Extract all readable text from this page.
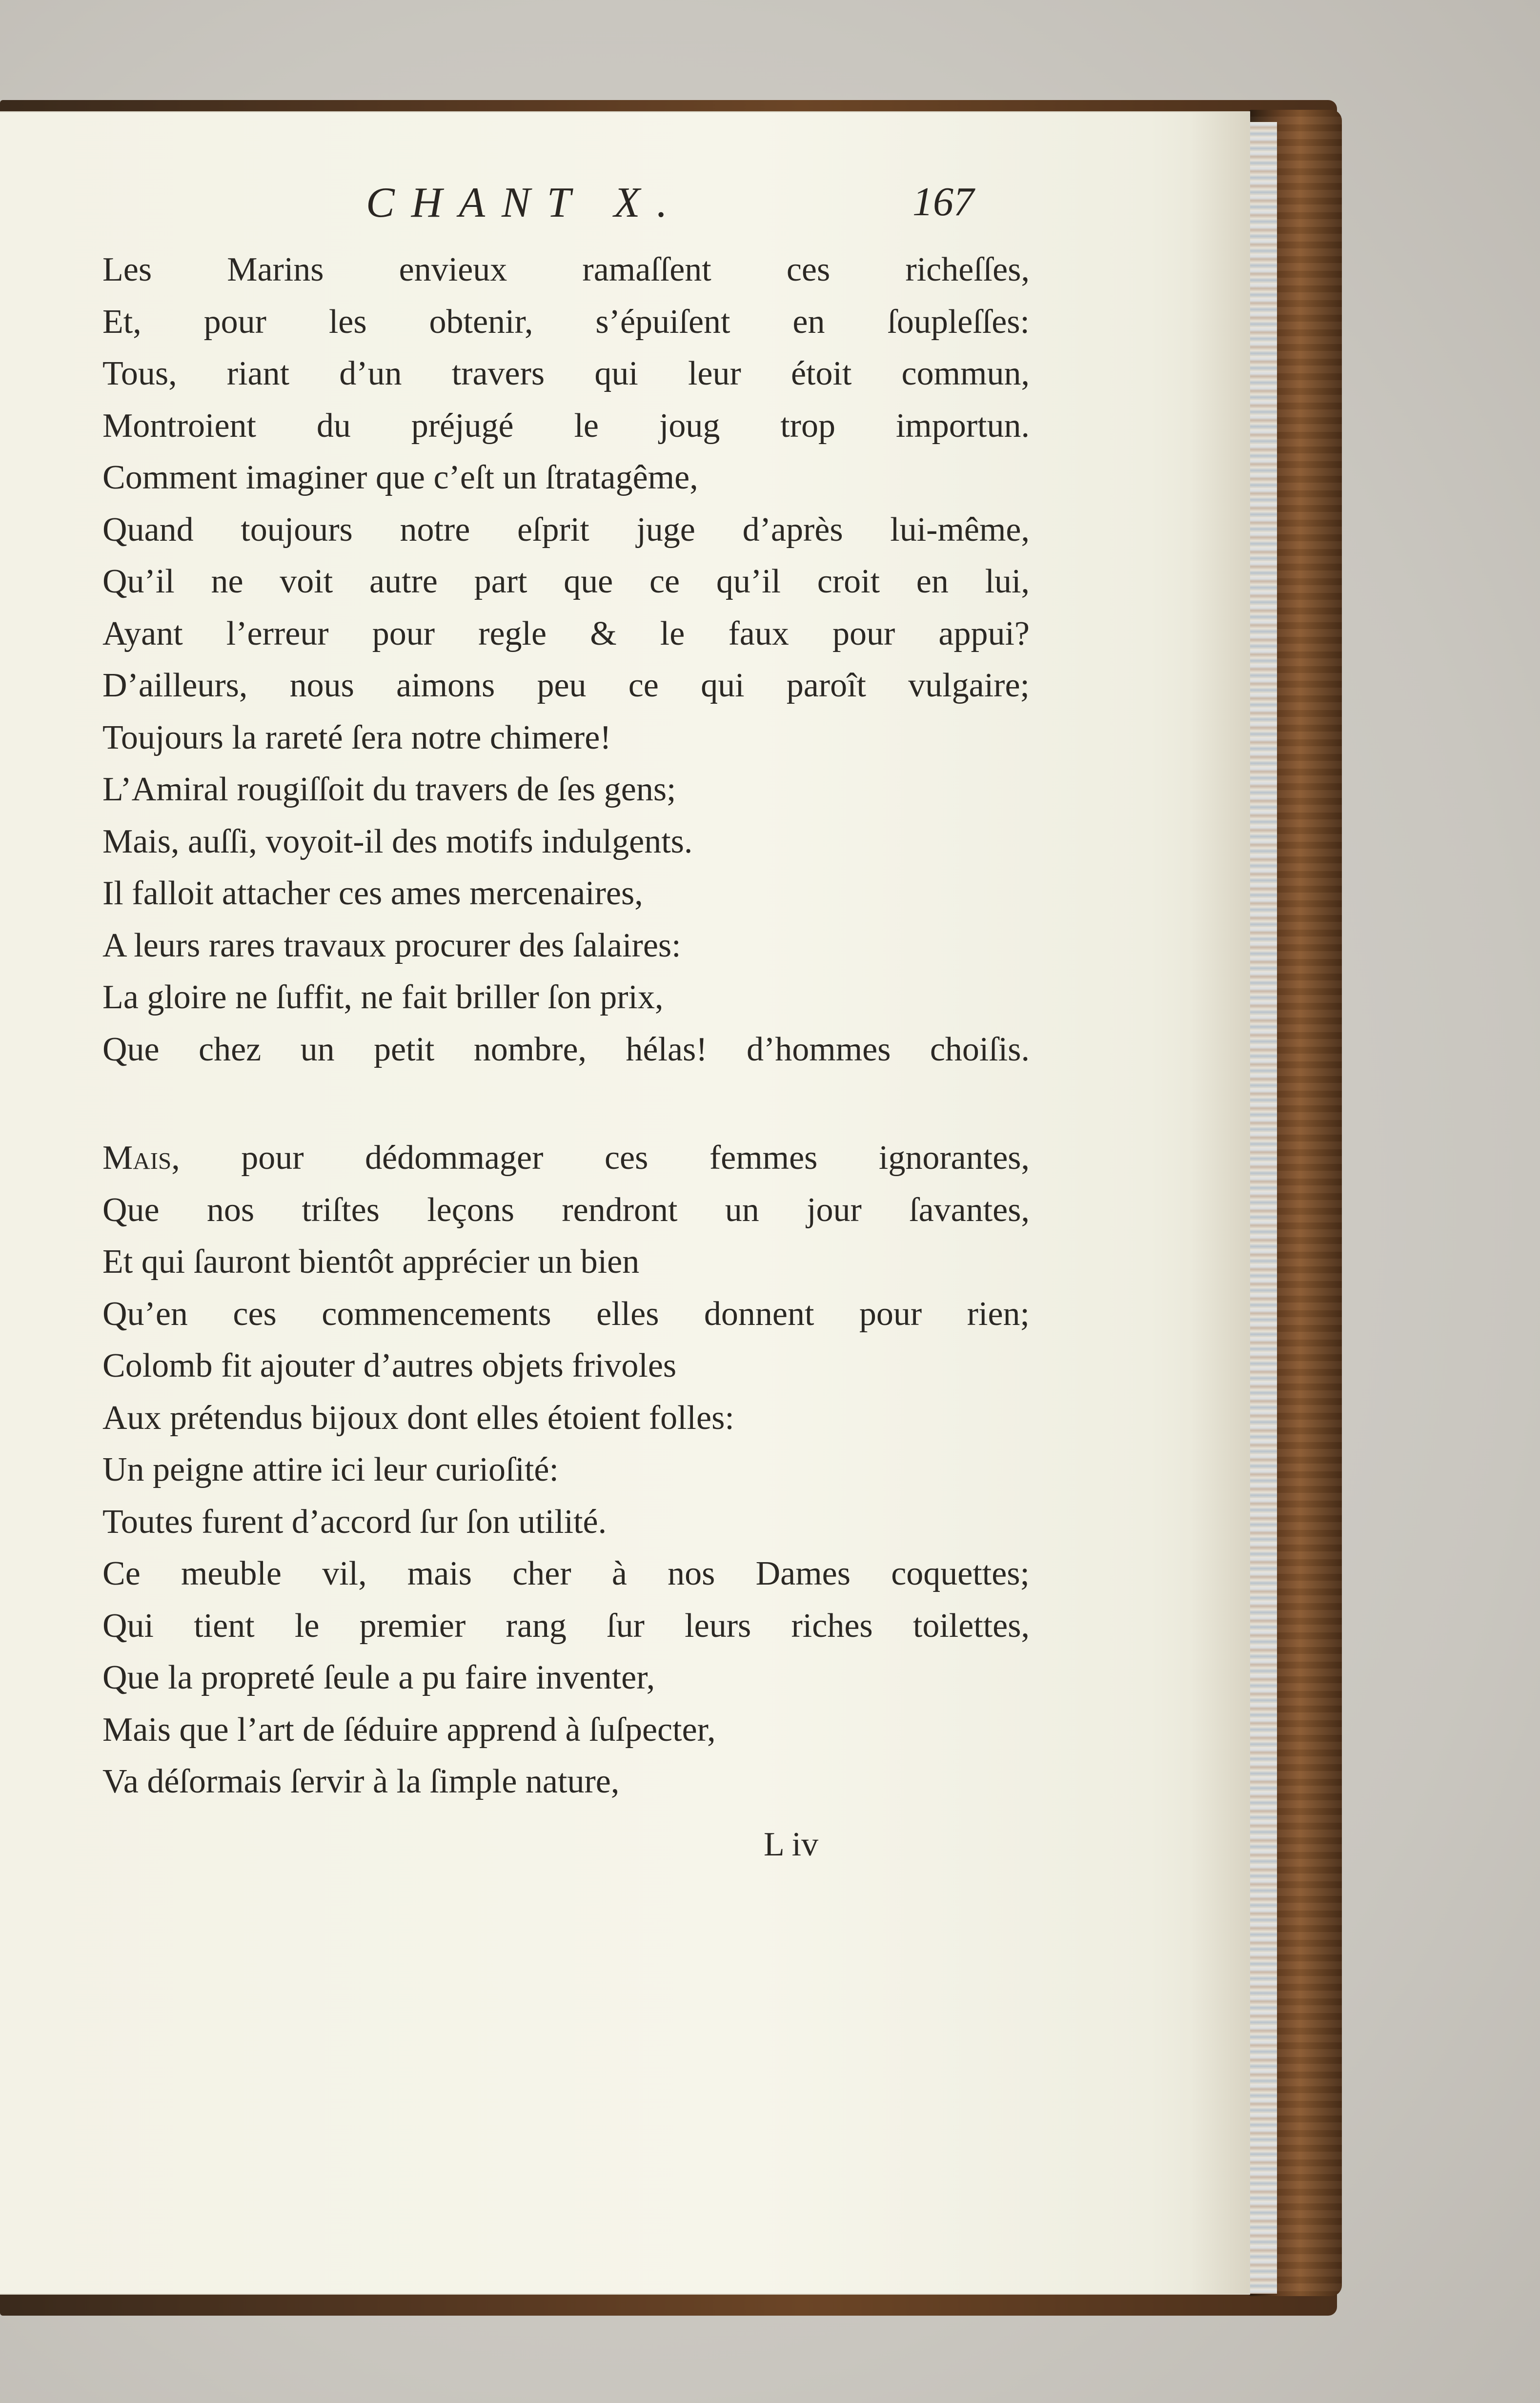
CHANT X.	167
Les Marins envieux ramaſſent ces richeſſes,
Et, pour les obtenir, s’épuiſent en ſoupleſſes:
Tous, riant d’un travers qui leur étoit commun,
Montroient du préjugé le joug trop importun.
Comment imaginer que c’eſt un ſtratagême,
Quand toujours notre eſprit juge d’après lui-même,
Qu’il ne voit autre part que ce qu’il croit en lui,
Ayant l’erreur pour regle & le faux pour appui?
D’ailleurs, nous aimons peu ce qui paroît vulgaire;
Toujours la rareté ſera notre chimere!
L’Amiral rougiſſoit du travers de ſes gens;
Mais, auſſi, voyoit-il des motifs indulgents.
Il falloit attacher ces ames mercenaires,
A leurs rares travaux procurer des ſalaires:
La gloire ne ſuffit, ne fait briller ſon prix,
Que chez un petit nombre, hélas! d’hommes choiſis.
Mais, pour dédommager ces femmes ignorantes,
Que nos triſtes leçons rendront un jour ſavantes,
Et qui ſauront bientôt apprécier un bien
Qu’en ces commencements elles donnent pour rien;
Colomb fit ajouter d’autres objets frivoles
Aux prétendus bijoux dont elles étoient folles:
Un peigne attire ici leur curioſité:
Toutes furent d’accord ſur ſon utilité.
Ce meuble vil, mais cher à nos Dames coquettes;
Qui tient le premier rang ſur leurs riches toilettes,
Que la propreté ſeule a pu faire inventer,
Mais que l’art de ſéduire apprend à ſuſpecter,
Va déſormais ſervir à la ſimple nature,
L iv
